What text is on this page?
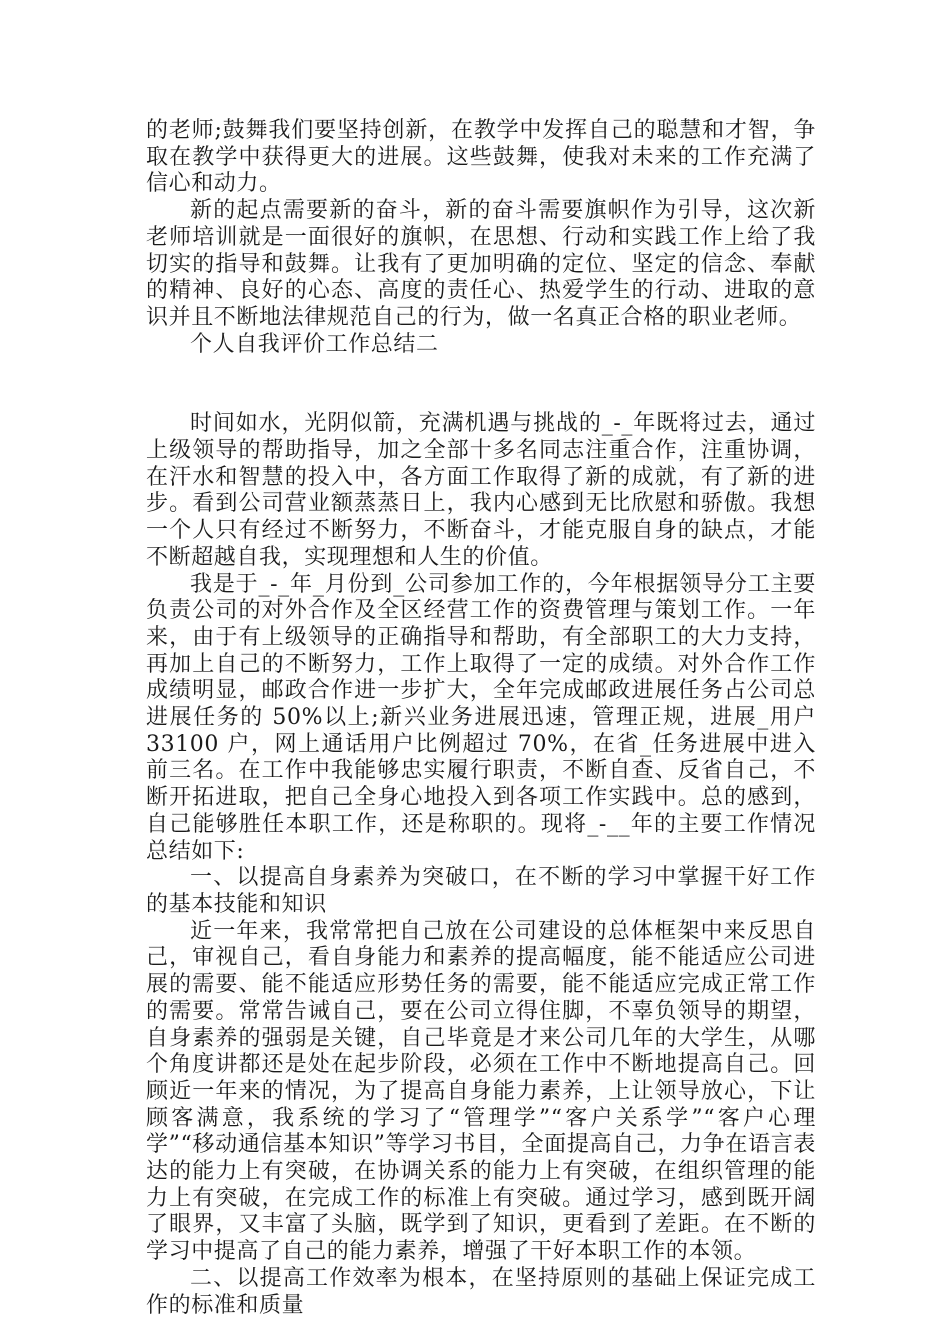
的老师;鼓舞我们要坚持创新，在教学中发挥自己的聪慧和才智，争取在教学中获得更大的进展。这些鼓舞，使我对未来的工作充满了信心和动力。

新的起点需要新的奋斗，新的奋斗需要旗帜作为引导，这次新老师培训就是一面很好的旗帜，在思想、行动和实践工作上给了我切实的指导和鼓舞。让我有了更加明确的定位、坚定的信念、奉献的精神、良好的心态、高度的责任心、热爱学生的行动、进取的意识并且不断地法律规范自己的行为，做一名真正合格的职业老师。

个人自我评价工作总结二

时间如水，光阴似箭，充满机遇与挑战的_-_年既将过去，通过上级领导的帮助指导，加之全部十多名同志注重合作，注重协调，在汗水和智慧的投入中，各方面工作取得了新的成就，有了新的进步。看到公司营业额蒸蒸日上，我内心感到无比欣慰和骄傲。我想一个人只有经过不断努力，不断奋斗，才能克服自身的缺点，才能不断超越自我，实现理想和人生的价值。

我是于_-_年_月份到_公司参加工作的，今年根据领导分工主要负责公司的对外合作及全区经营工作的资费管理与策划工作。一年来，由于有上级领导的正确指导和帮助，有全部职工的大力支持，再加上自己的不断努力，工作上取得了一定的成绩。对外合作工作成绩明显，邮政合作进一步扩大，全年完成邮政进展任务占公司总进展任务的 50%以上;新兴业务进展迅速，管理正规，进展_用户33100 户，网上通话用户比例超过 70%，在省_任务进展中进入前三名。在工作中我能够忠实履行职责，不断自查、反省自己，不断开拓进取，把自己全身心地投入到各项工作实践中。总的感到，自己能够胜任本职工作，还是称职的。现将_-__年的主要工作情况总结如下:

一、以提高自身素养为突破口，在不断的学习中掌握干好工作的基本技能和知识

近一年来，我常常把自己放在公司建设的总体框架中来反思自己，审视自己，看自身能力和素养的提高幅度，能不能适应公司进展的需要、能不能适应形势任务的需要，能不能适应完成正常工作的需要。常常告诫自己，要在公司立得住脚，不辜负领导的期望，自身素养的强弱是关键，自己毕竟是才来公司几年的大学生，从哪个角度讲都还是处在起步阶段，必须在工作中不断地提高自己。回顾近一年来的情况，为了提高自身能力素养，上让领导放心，下让顾客满意，我系统的学习了“管理学”“客户关系学”“客户心理学”“移动通信基本知识”等学习书目，全面提高自己，力争在语言表达的能力上有突破，在协调关系的能力上有突破，在组织管理的能力上有突破，在完成工作的标准上有突破。通过学习，感到既开阔了眼界，又丰富了头脑，既学到了知识，更看到了差距。在不断的学习中提高了自己的能力素养，增强了干好本职工作的本领。

二、以提高工作效率为根本，在坚持原则的基础上保证完成工作的标准和质量
